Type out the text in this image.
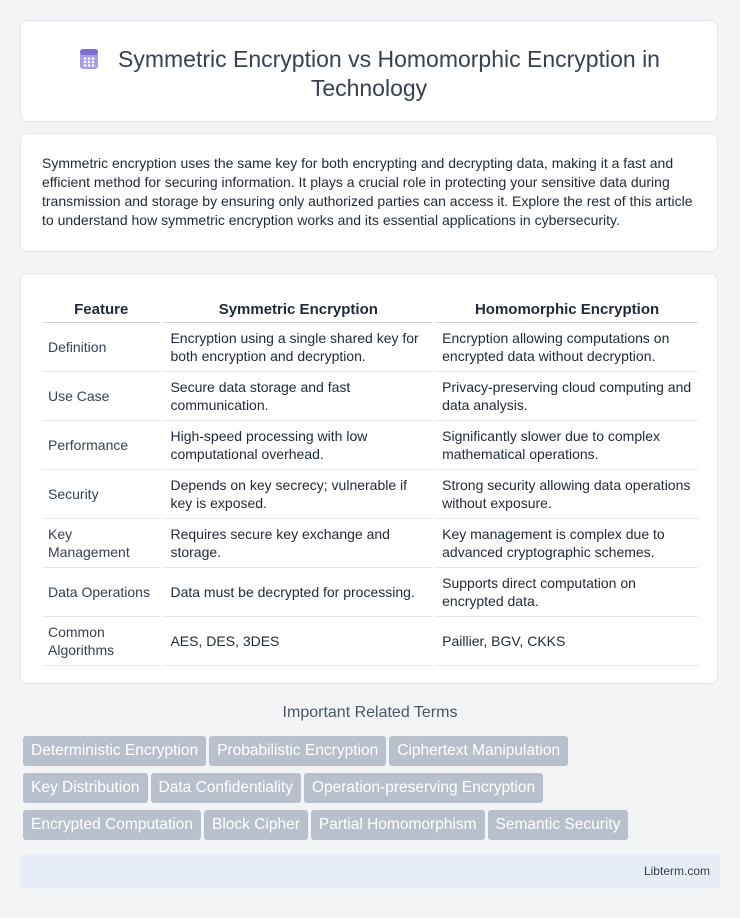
Symmetric Encryption vs Homomorphic Encryption in Technology
Symmetric encryption uses the same key for both encrypting and decrypting data, making it a fast and efficient method for securing information. It plays a crucial role in protecting your sensitive data during transmission and storage by ensuring only authorized parties can access it. Explore the rest of this article to understand how symmetric encryption works and its essential applications in cybersecurity.
Feature	Symmetric Encryption	Homomorphic Encryption
Definition	Encryption using a single shared key for both encryption and decryption.	Encryption allowing computations on encrypted data without decryption.
Use Case	Secure data storage and fast communication.	Privacy-preserving cloud computing and data analysis.
Performance	High-speed processing with low computational overhead.	Significantly slower due to complex mathematical operations.
Security	Depends on key secrecy; vulnerable if key is exposed.	Strong security allowing data operations without exposure.
Key Management	Requires secure key exchange and storage.	Key management is complex due to advanced cryptographic schemes.
Data Operations	Data must be decrypted for processing.	Supports direct computation on encrypted data.
Common Algorithms	AES, DES, 3DES	Paillier, BGV, CKKS
Important Related Terms
Deterministic Encryption Probabilistic Encryption Ciphertext Manipulation
Key Distribution Data Confidentiality Operation-preserving Encryption
Encrypted Computation Block Cipher Partial Homomorphism Semantic Security
Libterm.com
